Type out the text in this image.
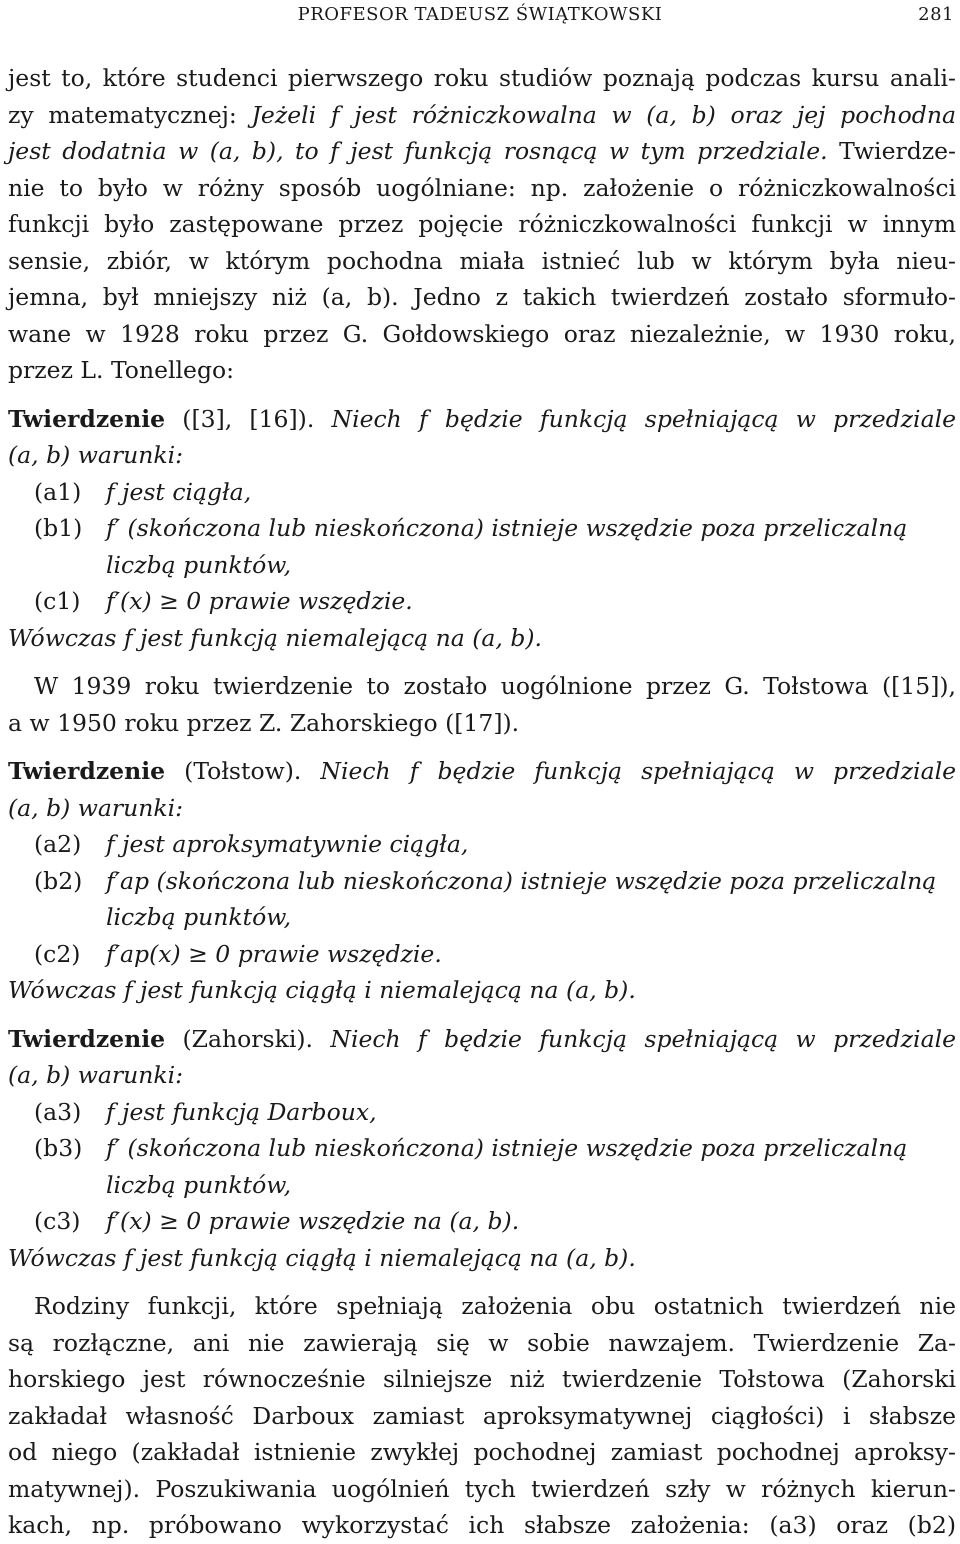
PROFESOR TADEUSZ ŚWIĄTKOWSKI	281
jest to, które studenci pierwszego roku studiów poznają podczas kursu anali-
zy matematycznej: Jeżeli f jest różniczkowalna w (a, b) oraz jej pochodna
jest dodatnia w (a, b), to f jest funkcją rosnącą w tym przedziale. Twierdze-
nie to było w różny sposób uogólniane: np. założenie o różniczkowalności
funkcji było zastępowane przez pojęcie różniczkowalności funkcji w innym
sensie, zbiór, w którym pochodna miała istnieć lub w którym była nieu-
jemna, był mniejszy niż (a, b). Jedno z takich twierdzeń zostało sformuło-
wane w 1928 roku przez G. Gołdowskiego oraz niezależnie, w 1930 roku,
przez L. Tonellego:
Twierdzenie ([3], [16]). Niech f będzie funkcją spełniającą w przedziale
(a, b) warunki:
(a1) f jest ciągła,
(b1) f′ (skończona lub nieskończona) istnieje wszędzie poza przeliczalną
liczbą punktów,
(c1) f′(x) ≥ 0 prawie wszędzie.
Wówczas f jest funkcją niemalejącą na (a, b).
W 1939 roku twierdzenie to zostało uogólnione przez G. Tołstowa ([15]),
a w 1950 roku przez Z. Zahorskiego ([17]).
Twierdzenie (Tołstow). Niech f będzie funkcją spełniającą w przedziale
(a, b) warunki:
(a2) f jest aproksymatywnie ciągła,
(b2) f′ap (skończona lub nieskończona) istnieje wszędzie poza przeliczalną
liczbą punktów,
(c2) f′ap(x) ≥ 0 prawie wszędzie.
Wówczas f jest funkcją ciągłą i niemalejącą na (a, b).
Twierdzenie (Zahorski). Niech f będzie funkcją spełniającą w przedziale
(a, b) warunki:
(a3) f jest funkcją Darboux,
(b3) f′ (skończona lub nieskończona) istnieje wszędzie poza przeliczalną
liczbą punktów,
(c3) f′(x) ≥ 0 prawie wszędzie na (a, b).
Wówczas f jest funkcją ciągłą i niemalejącą na (a, b).
Rodziny funkcji, które spełniają założenia obu ostatnich twierdzeń nie
są rozłączne, ani nie zawierają się w sobie nawzajem. Twierdzenie Za-
horskiego jest równocześnie silniejsze niż twierdzenie Tołstowa (Zahorski
zakładał własność Darboux zamiast aproksymatywnej ciągłości) i słabsze
od niego (zakładał istnienie zwykłej pochodnej zamiast pochodnej aproksy-
matywnej). Poszukiwania uogólnień tych twierdzeń szły w różnych kierun-
kach, np. próbowano wykorzystać ich słabsze założenia: (a3) oraz (b2)
